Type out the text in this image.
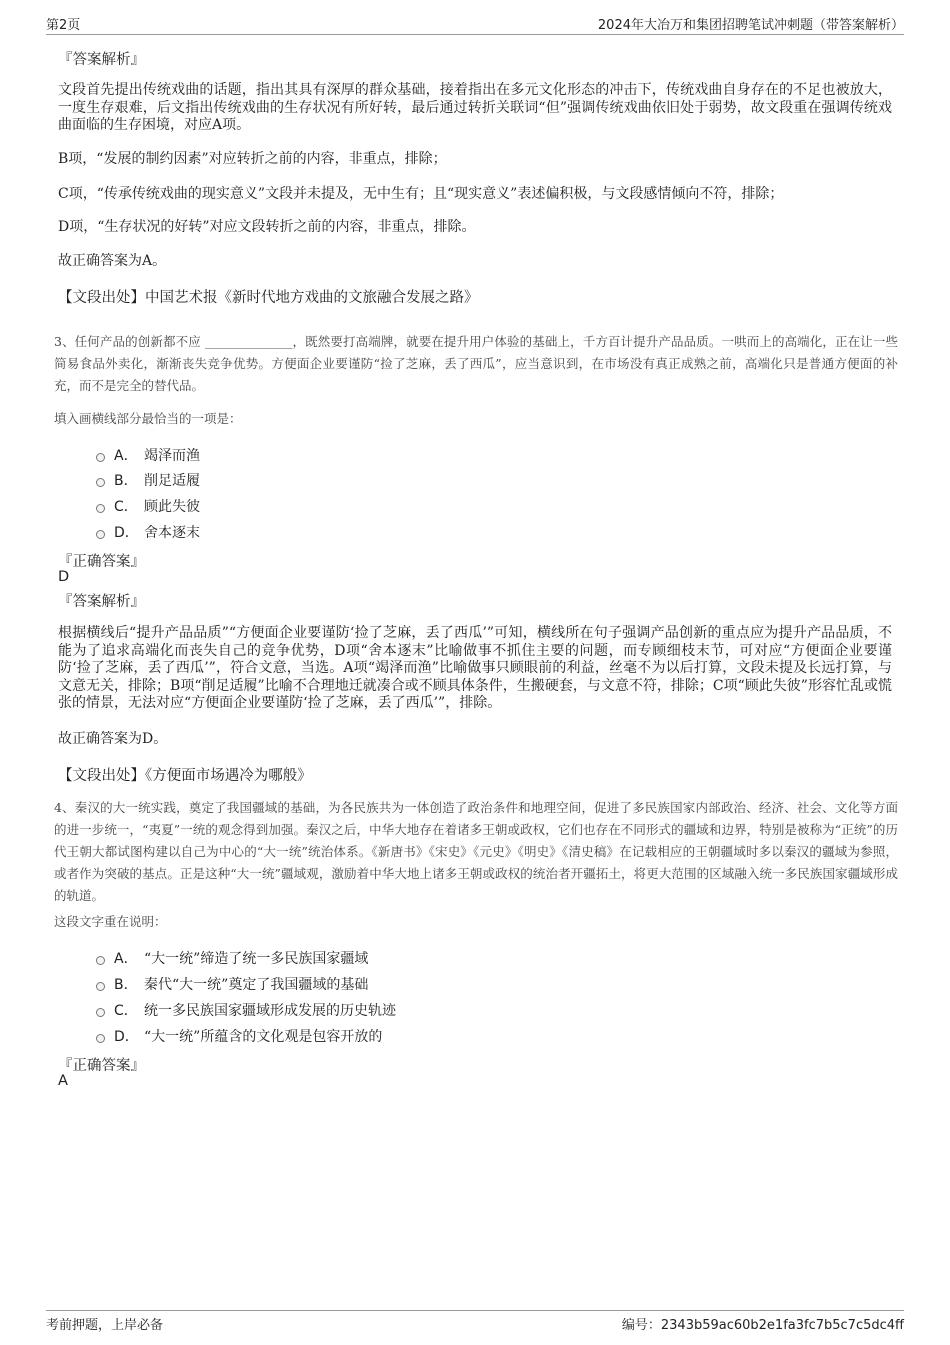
第2页	2024年大冶万和集团招聘笔试冲刺题（带答案解析）
『答案解析』

文段首先提出传统戏曲的话题，指出其具有深厚的群众基础，接着指出在多元文化形态的冲击下，传统戏曲自身存在的不足也被放大，一度生存艰难，后文指出传统戏曲的生存状况有所好转，最后通过转折关联词“但”强调传统戏曲依旧处于弱势，故文段重在强调传统戏曲面临的生存困境，对应A项。

B项，“发展的制约因素”对应转折之前的内容，非重点，排除；

C项，“传承传统戏曲的现实意义”文段并未提及，无中生有；且“现实意义”表述偏积极，与文段感情倾向不符，排除；

D项，“生存状况的好转”对应文段转折之前的内容，非重点，排除。

故正确答案为A。

【文段出处】中国艺术报《新时代地方戏曲的文旅融合发展之路》

3、任何产品的创新都不应 ______________，既然要打高端牌，就要在提升用户体验的基础上，千方百计提升产品品质。一哄而上的高端化，正在让一些简易食品外卖化，渐渐丧失竞争优势。方便面企业要谨防“捡了芝麻，丢了西瓜”，应当意识到，在市场没有真正成熟之前，高端化只是普通方便面的补充，而不是完全的替代品。

填入画横线部分最恰当的一项是：
A． 竭泽而渔
B． 削足适履
C． 顾此失彼
D． 舍本逐末
『正确答案』
D
『答案解析』

根据横线后“提升产品品质”“方便面企业要谨防‘捡了芝麻，丢了西瓜’”可知，横线所在句子强调产品创新的重点应为提升产品品质，不能为了追求高端化而丧失自己的竞争优势，D项“舍本逐末”比喻做事不抓住主要的问题，而专顾细枝末节，可对应“方便面企业要谨防‘捡了芝麻，丢了西瓜’”，符合文意，当选。A项“竭泽而渔”比喻做事只顾眼前的利益，丝毫不为以后打算，文段未提及长远打算，与文意无关，排除；B项“削足适履”比喻不合理地迁就凑合或不顾具体条件，生搬硬套，与文意不符，排除；C项“顾此失彼”形容忙乱或慌张的情景，无法对应“方便面企业要谨防‘捡了芝麻，丢了西瓜’”，排除。

故正确答案为D。

【文段出处】《方便面市场遇冷为哪般》

4、秦汉的大一统实践，奠定了我国疆域的基础，为各民族共为一体创造了政治条件和地理空间，促进了多民族国家内部政治、经济、社会、文化等方面的进一步统一，“夷夏”一统的观念得到加强。秦汉之后，中华大地存在着诸多王朝或政权，它们也存在不同形式的疆域和边界，特别是被称为“正统”的历代王朝大都试图构建以自己为中心的“大一统”统治体系。《新唐书》《宋史》《元史》《明史》《清史稿》在记载相应的王朝疆域时多以秦汉的疆域为参照，或者作为突破的基点。正是这种“大一统”疆域观，激励着中华大地上诸多王朝或政权的统治者开疆拓土，将更大范围的区域融入统一多民族国家疆域形成的轨道。

这段文字重在说明：
A． “大一统”缔造了统一多民族国家疆域
B． 秦代“大一统”奠定了我国疆域的基础
C． 统一多民族国家疆域形成发展的历史轨迹
D． “大一统”所蕴含的文化观是包容开放的
『正确答案』
A
考前押题，上岸必备	编号：2343b59ac60b2e1fa3fc7b5c7c5dc4ff
